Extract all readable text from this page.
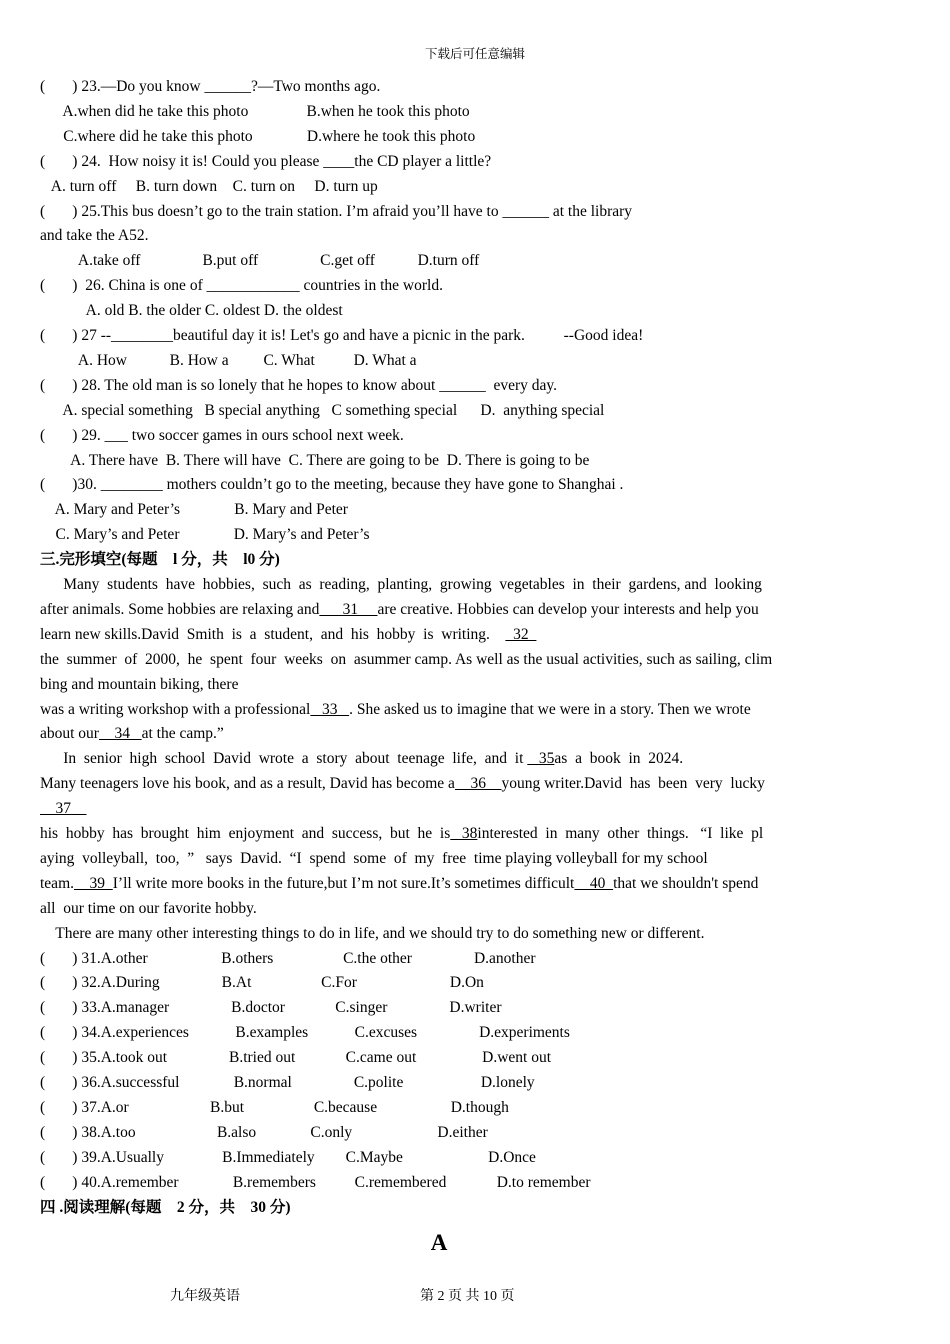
下载后可任意编辑
(       ) 23.—Do you know ______?—Two months ago.
A.when did he take this photo               B.when he took this photo
C.where did he take this photo              D.where he took this photo
(       ) 24.  How noisy it is! Could you please ____the CD player a little?
A. turn off     B. turn down    C. turn on     D. turn up
(       ) 25.This bus doesn’t go to the train station. I’m afraid you’ll have to ______ at the library
and take the A52.
A.take off                B.put off                C.get off           D.turn off
(       )  26. China is one of ____________ countries in the world.
A. old B. the older C. oldest D. the oldest
(       ) 27 --________beautiful day it is! Let's go and have a picnic in the park.          --Good idea!
A. How           B. How a         C. What          D. What a
(       ) 28. The old man is so lonely that he hopes to know about ______  every day.
A. special something   B special anything   C something special      D.  anything special
(       ) 29. ___ two soccer games in ours school next week.
A. There have  B. There will have  C. There are going to be  D. There is going to be
(       )30. ________ mothers couldn’t go to the meeting, because they have gone to Shanghai .
A. Mary and Peter’s              B. Mary and Peter
C. Mary’s and Peter              D. Mary’s and Peter’s
三.完形填空(每题    l 分，共    l0 分)
Many  students  have  hobbies,  such  as  reading,  planting,  growing  vegetables  in  their  gardens, and  looking
after animals. Some hobbies are relaxing and      31     are creative. Hobbies can develop your interests and help you
learn new skills.David  Smith  is  a  student,  and  his  hobby  is  writing.      32
the  summer  of  2000,  he  spent  four  weeks  on  asummer camp. As well as the usual activities, such as sailing, clim
bing and mountain biking, there
was a writing workshop with a professional   33   . She asked us to imagine that we were in a story. Then we wrote
about our    34   at the camp.”
In  senior  high  school  David  wrote  a  story  about  teenage  life,  and  it    35as  a  book  in  2024.
Many teenagers love his book, and as a result, David has become a    36    young writer.David  has  been  very  lucky
37
his  hobby  has  brought  him  enjoyment  and  success,  but  he  is   38interested  in  many  other  things.   “I  like  pl
aying  volleyball,  too,  ”   says  David.  “I  spend  some  of  my  free  time playing volleyball for my school
team.    39  I’ll write more books in the future,but I’m not sure.It’s sometimes difficult    40  that we shouldn't spend
all  our time on our favorite hobby.
There are many other interesting things to do in life, and we should try to do something new or different.
(       ) 31.A.other                   B.others                  C.the other                D.another
(       ) 32.A.During                B.At                  C.For                        D.On
(       ) 33.A.manager                B.doctor             C.singer                D.writer
(       ) 34.A.experiences            B.examples            C.excuses                D.experiments
(       ) 35.A.took out                B.tried out             C.came out                 D.went out
(       ) 36.A.successful              B.normal                C.polite                    D.lonely
(       ) 37.A.or                     B.but                  C.because                   D.though
(       ) 38.A.too                     B.also              C.only                      D.either
(       ) 39.A.Usually               B.Immediately        C.Maybe                      D.Once
(       ) 40.A.remember              B.remembers          C.remembered             D.to remember
四 .阅读理解(每题    2 分，共    30 分)
A
九年级英语	第 2 页 共 10 页
